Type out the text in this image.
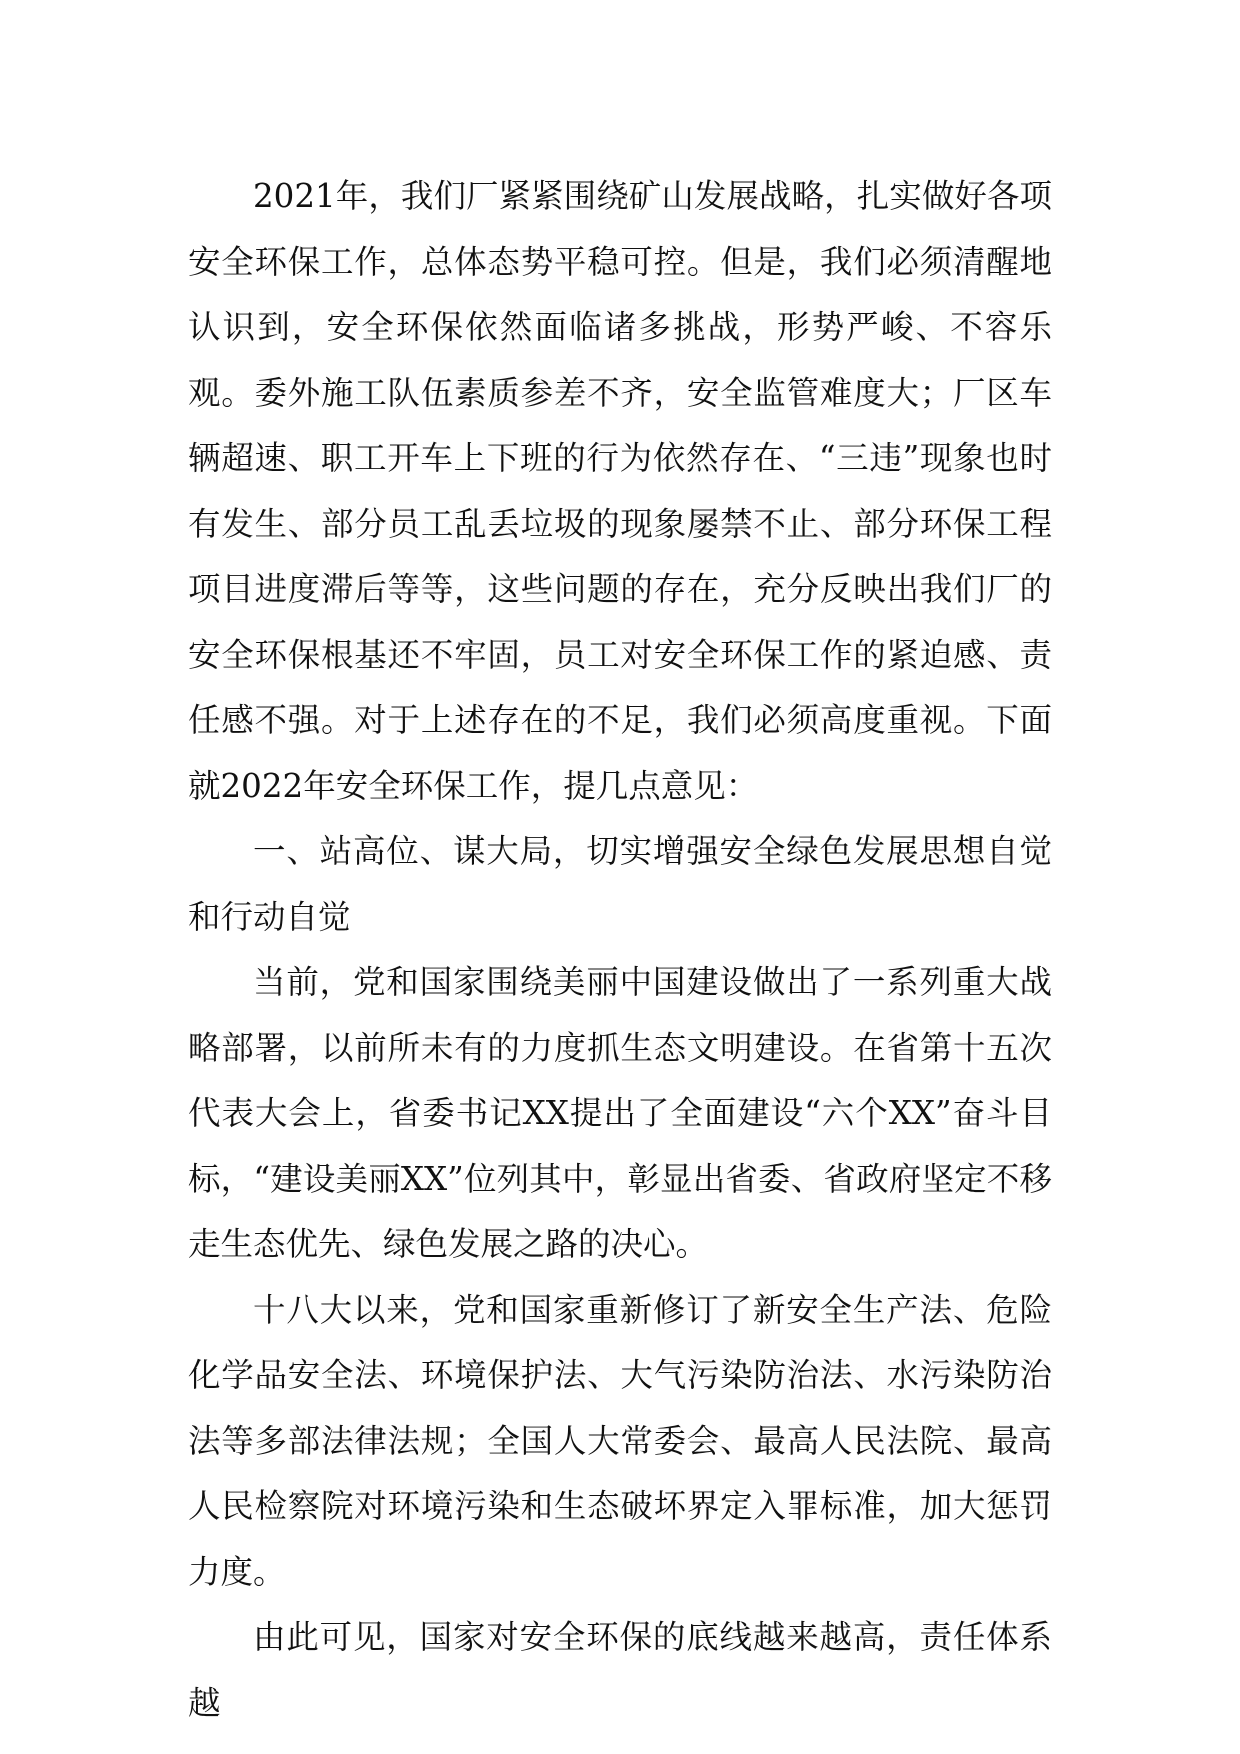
2021年，我们厂紧紧围绕矿山发展战略，扎实做好各项安全环保工作，总体态势平稳可控。但是，我们必须清醒地认识到，安全环保依然面临诸多挑战，形势严峻、不容乐观。委外施工队伍素质参差不齐，安全监管难度大；厂区车辆超速、职工开车上下班的行为依然存在、“三违”现象也时有发生、部分员工乱丢垃圾的现象屡禁不止、部分环保工程项目进度滞后等等，这些问题的存在，充分反映出我们厂的安全环保根基还不牢固，员工对安全环保工作的紧迫感、责任感不强。对于上述存在的不足，我们必须高度重视。下面就2022年安全环保工作，提几点意见：

一、站高位、谋大局，切实增强安全绿色发展思想自觉和行动自觉

当前，党和国家围绕美丽中国建设做出了一系列重大战略部署，以前所未有的力度抓生态文明建设。在省第十五次代表大会上，省委书记XX提出了全面建设“六个XX”奋斗目标，“建设美丽XX”位列其中，彰显出省委、省政府坚定不移走生态优先、绿色发展之路的决心。

十八大以来，党和国家重新修订了新安全生产法、危险化学品安全法、环境保护法、大气污染防治法、水污染防治法等多部法律法规；全国人大常委会、最高人民法院、最高人民检察院对环境污染和生态破坏界定入罪标准，加大惩罚力度。

由此可见，国家对安全环保的底线越来越高，责任体系越
